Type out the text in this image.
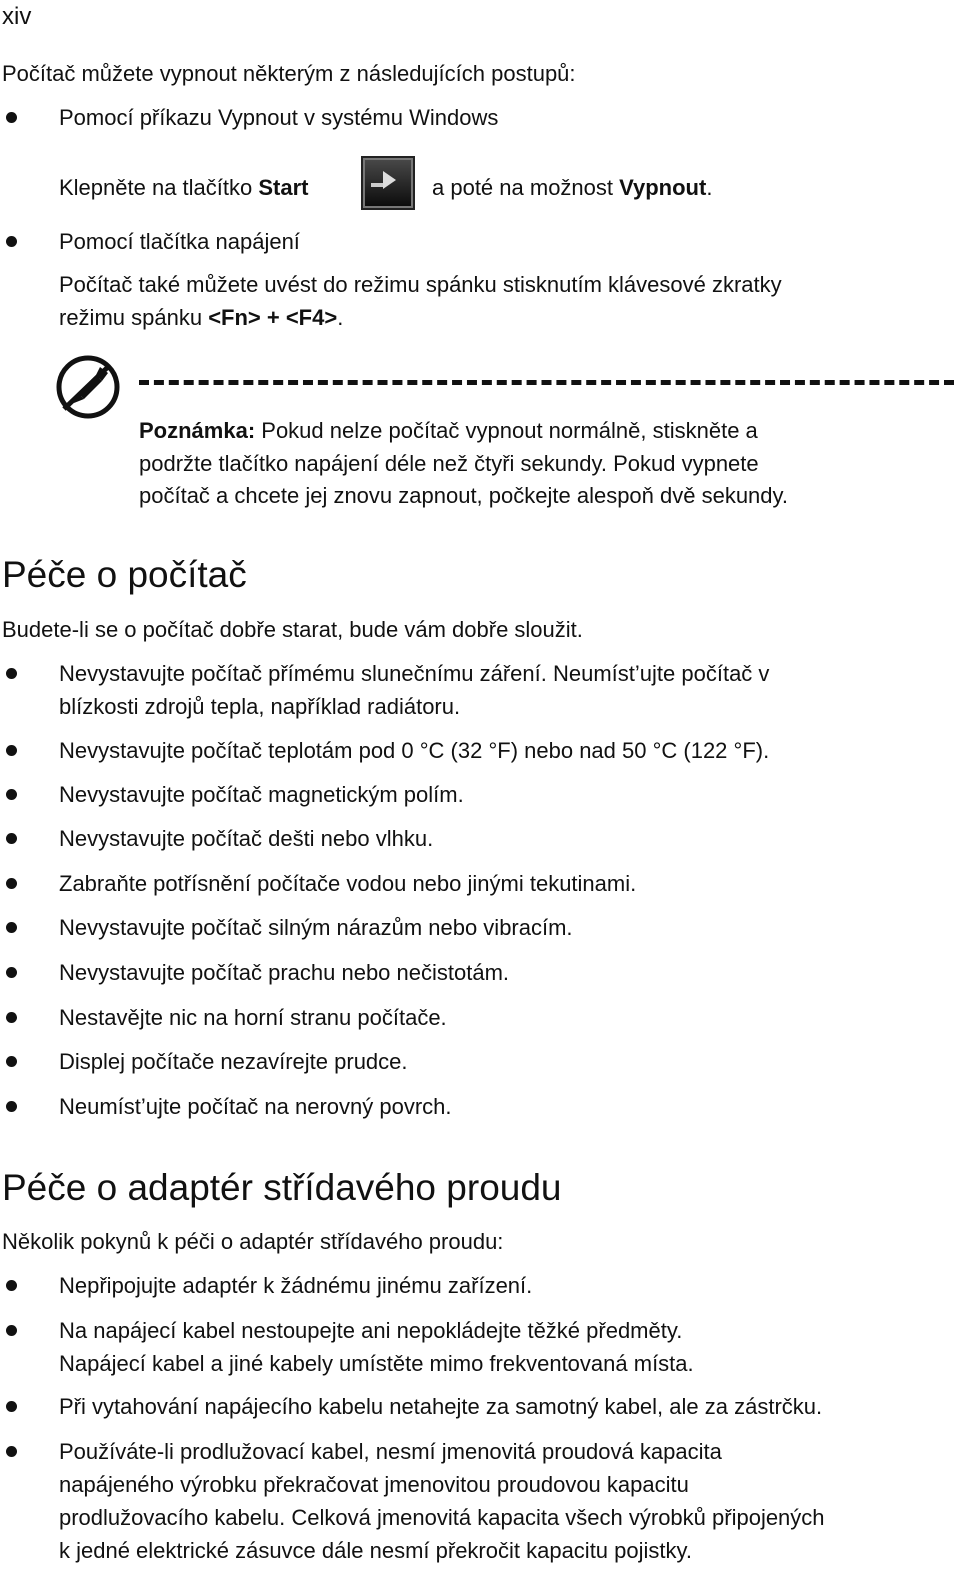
xiv
Počítač můžete vypnout některým z následujících postupů:
Pomocí příkazu Vypnout v systému Windows
Klepněte na tlačítko Start	a poté na možnost Vypnout.
Pomocí tlačítka napájení
Počítač také můžete uvést do režimu spánku stisknutím klávesové zkratky
režimu spánku <Fn> + <F4>.
Poznámka: Pokud nelze počítač vypnout normálně, stiskněte a
podržte tlačítko napájení déle než čtyři sekundy. Pokud vypnete
počítač a chcete jej znovu zapnout, počkejte alespoň dvě sekundy.
Péče o počítač
Budete-li se o počítač dobře starat, bude vám dobře sloužit.
Nevystavujte počítač přímému slunečnímu záření. Neumíst’ujte počítač v
blízkosti zdrojů tepla, například radiátoru.
Nevystavujte počítač teplotám pod 0 °C (32 °F) nebo nad 50 °C (122 °F).
Nevystavujte počítač magnetickým polím.
Nevystavujte počítač dešti nebo vlhku.
Zabraňte potřísnění počítače vodou nebo jinými tekutinami.
Nevystavujte počítač silným nárazům nebo vibracím.
Nevystavujte počítač prachu nebo nečistotám.
Nestavějte nic na horní stranu počítače.
Displej počítače nezavírejte prudce.
Neumíst’ujte počítač na nerovný povrch.
Péče o adaptér střídavého proudu
Několik pokynů k péči o adaptér střídavého proudu:
Nepřipojujte adaptér k žádnému jinému zařízení.
Na napájecí kabel nestoupejte ani nepokládejte těžké předměty.
Napájecí kabel a jiné kabely umístěte mimo frekventovaná místa.
Při vytahování napájecího kabelu netahejte za samotný kabel, ale za zástrčku.
Používáte-li prodlužovací kabel, nesmí jmenovitá proudová kapacita
napájeného výrobku překračovat jmenovitou proudovou kapacitu
prodlužovacího kabelu. Celková jmenovitá kapacita všech výrobků připojených
k jedné elektrické zásuvce dále nesmí překročit kapacitu pojistky.
